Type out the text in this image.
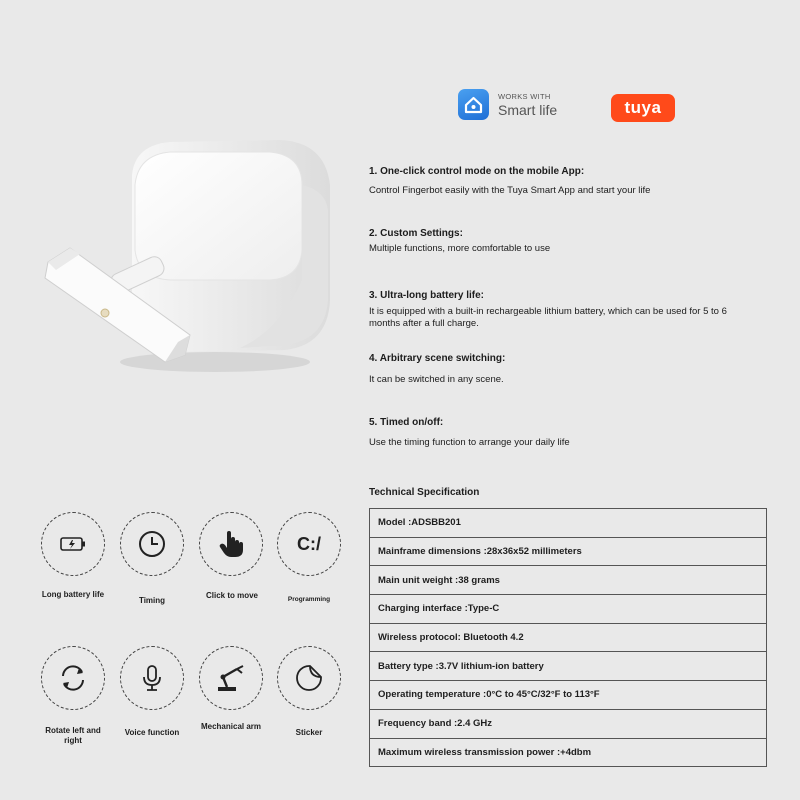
WORKS WITH
Smart life	tuya
1. One-click control mode on the mobile App:
Control Fingerbot easily with the Tuya Smart App and start your life
2. Custom Settings:
Multiple functions, more comfortable to use
3. Ultra-long battery life:
It is equipped with a built-in rechargeable lithium battery, which can be used for 5 to 6 months after a full charge.
4. Arbitrary scene switching:
It can be switched in any scene.
5. Timed on/off:
Use the timing function to arrange your daily life
Technical Specification
Model :ADSBB201
Mainframe dimensions :28x36x52 millimeters
Main unit weight :38 grams
Charging interface :Type-C
Wireless protocol: Bluetooth 4.2
Battery type :3.7V lithium-ion battery
Operating temperature :0°C to 45°C/32°F to 113°F
Frequency band :2.4 GHz
Maximum wireless transmission power :+4dbm
Long battery life
Timing
Click to move
C:/
Programming
Rotate left and right
Voice function
Mechanical arm
Sticker
